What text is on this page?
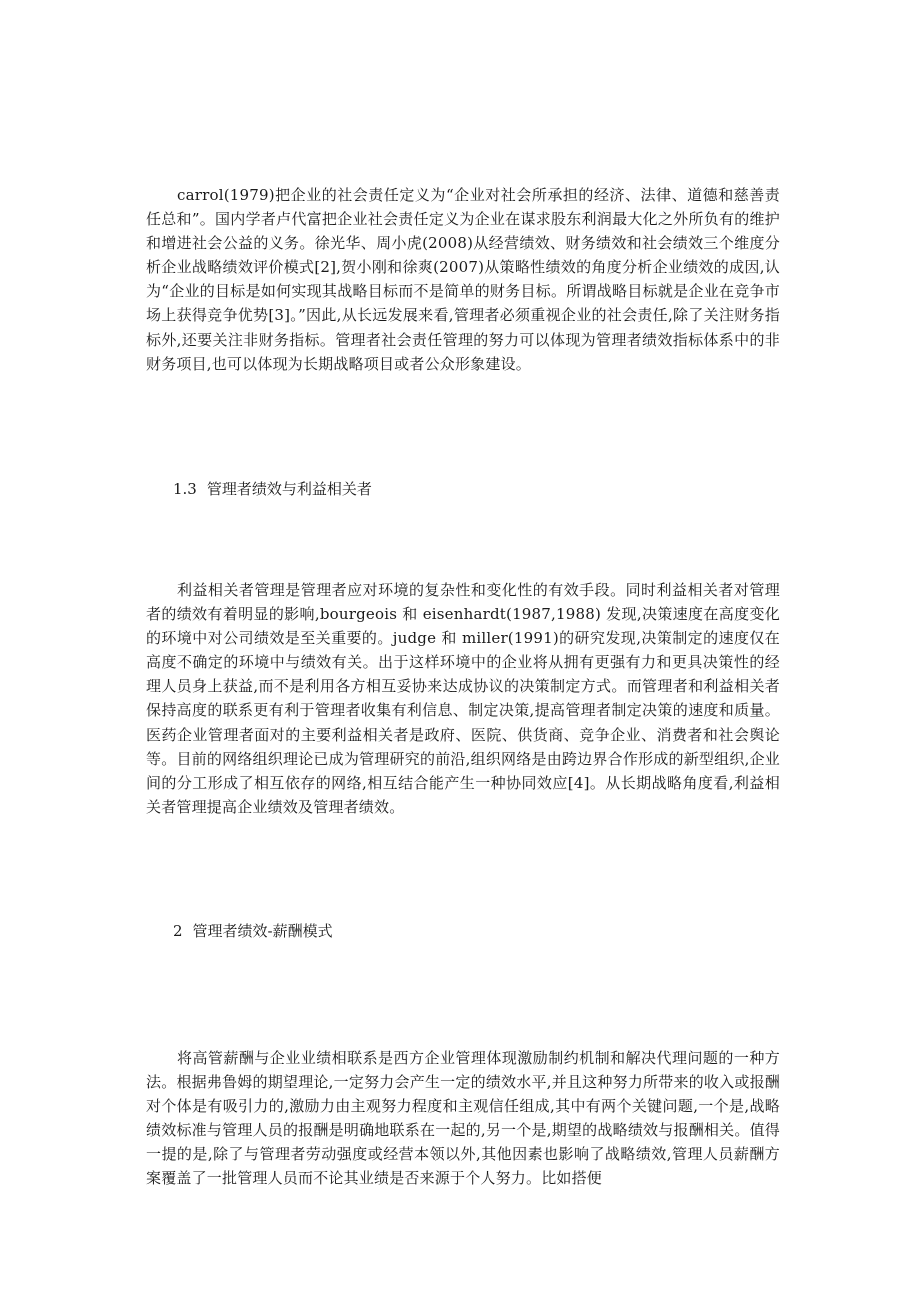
carrol(1979)把企业的社会责任定义为“企业对社会所承担的经济、法律、道德和慈善责任总和”。国内学者卢代富把企业社会责任定义为企业在谋求股东利润最大化之外所负有的维护和增进社会公益的义务。徐光华、周小虎(2008)从经营绩效、财务绩效和社会绩效三个维度分析企业战略绩效评价模式[2],贺小刚和徐爽(2007)从策略性绩效的角度分析企业绩效的成因,认为“企业的目标是如何实现其战略目标而不是简单的财务目标。所谓战略目标就是企业在竞争市场上获得竞争优势[3]。”因此,从长远发展来看,管理者必须重视企业的社会责任,除了关注财务指标外,还要关注非财务指标。管理者社会责任管理的努力可以体现为管理者绩效指标体系中的非财务项目,也可以体现为长期战略项目或者公众形象建设。

1.3 管理者绩效与利益相关者

利益相关者管理是管理者应对环境的复杂性和变化性的有效手段。同时利益相关者对管理者的绩效有着明显的影响,bourgeois 和 eisenhardt(1987,1988) 发现,决策速度在高度变化的环境中对公司绩效是至关重要的。judge 和 miller(1991)的研究发现,决策制定的速度仅在高度不确定的环境中与绩效有关。出于这样环境中的企业将从拥有更强有力和更具决策性的经理人员身上获益,而不是利用各方相互妥协来达成协议的决策制定方式。而管理者和利益相关者保持高度的联系更有利于管理者收集有利信息、制定决策,提高管理者制定决策的速度和质量。医药企业管理者面对的主要利益相关者是政府、医院、供货商、竞争企业、消费者和社会舆论等。目前的网络组织理论已成为管理研究的前沿,组织网络是由跨边界合作形成的新型组织,企业间的分工形成了相互依存的网络,相互结合能产生一种协同效应[4]。从长期战略角度看,利益相关者管理提高企业绩效及管理者绩效。

2 管理者绩效-薪酬模式

将高管薪酬与企业业绩相联系是西方企业管理体现激励制约机制和解决代理问题的一种方法。根据弗鲁姆的期望理论,一定努力会产生一定的绩效水平,并且这种努力所带来的收入或报酬对个体是有吸引力的,激励力由主观努力程度和主观信任组成,其中有两个关键问题,一个是,战略绩效标准与管理人员的报酬是明确地联系在一起的,另一个是,期望的战略绩效与报酬相关。值得一提的是,除了与管理者劳动强度或经营本领以外,其他因素也影响了战略绩效,管理人员薪酬方案覆盖了一批管理人员而不论其业绩是否来源于个人努力。比如搭便
